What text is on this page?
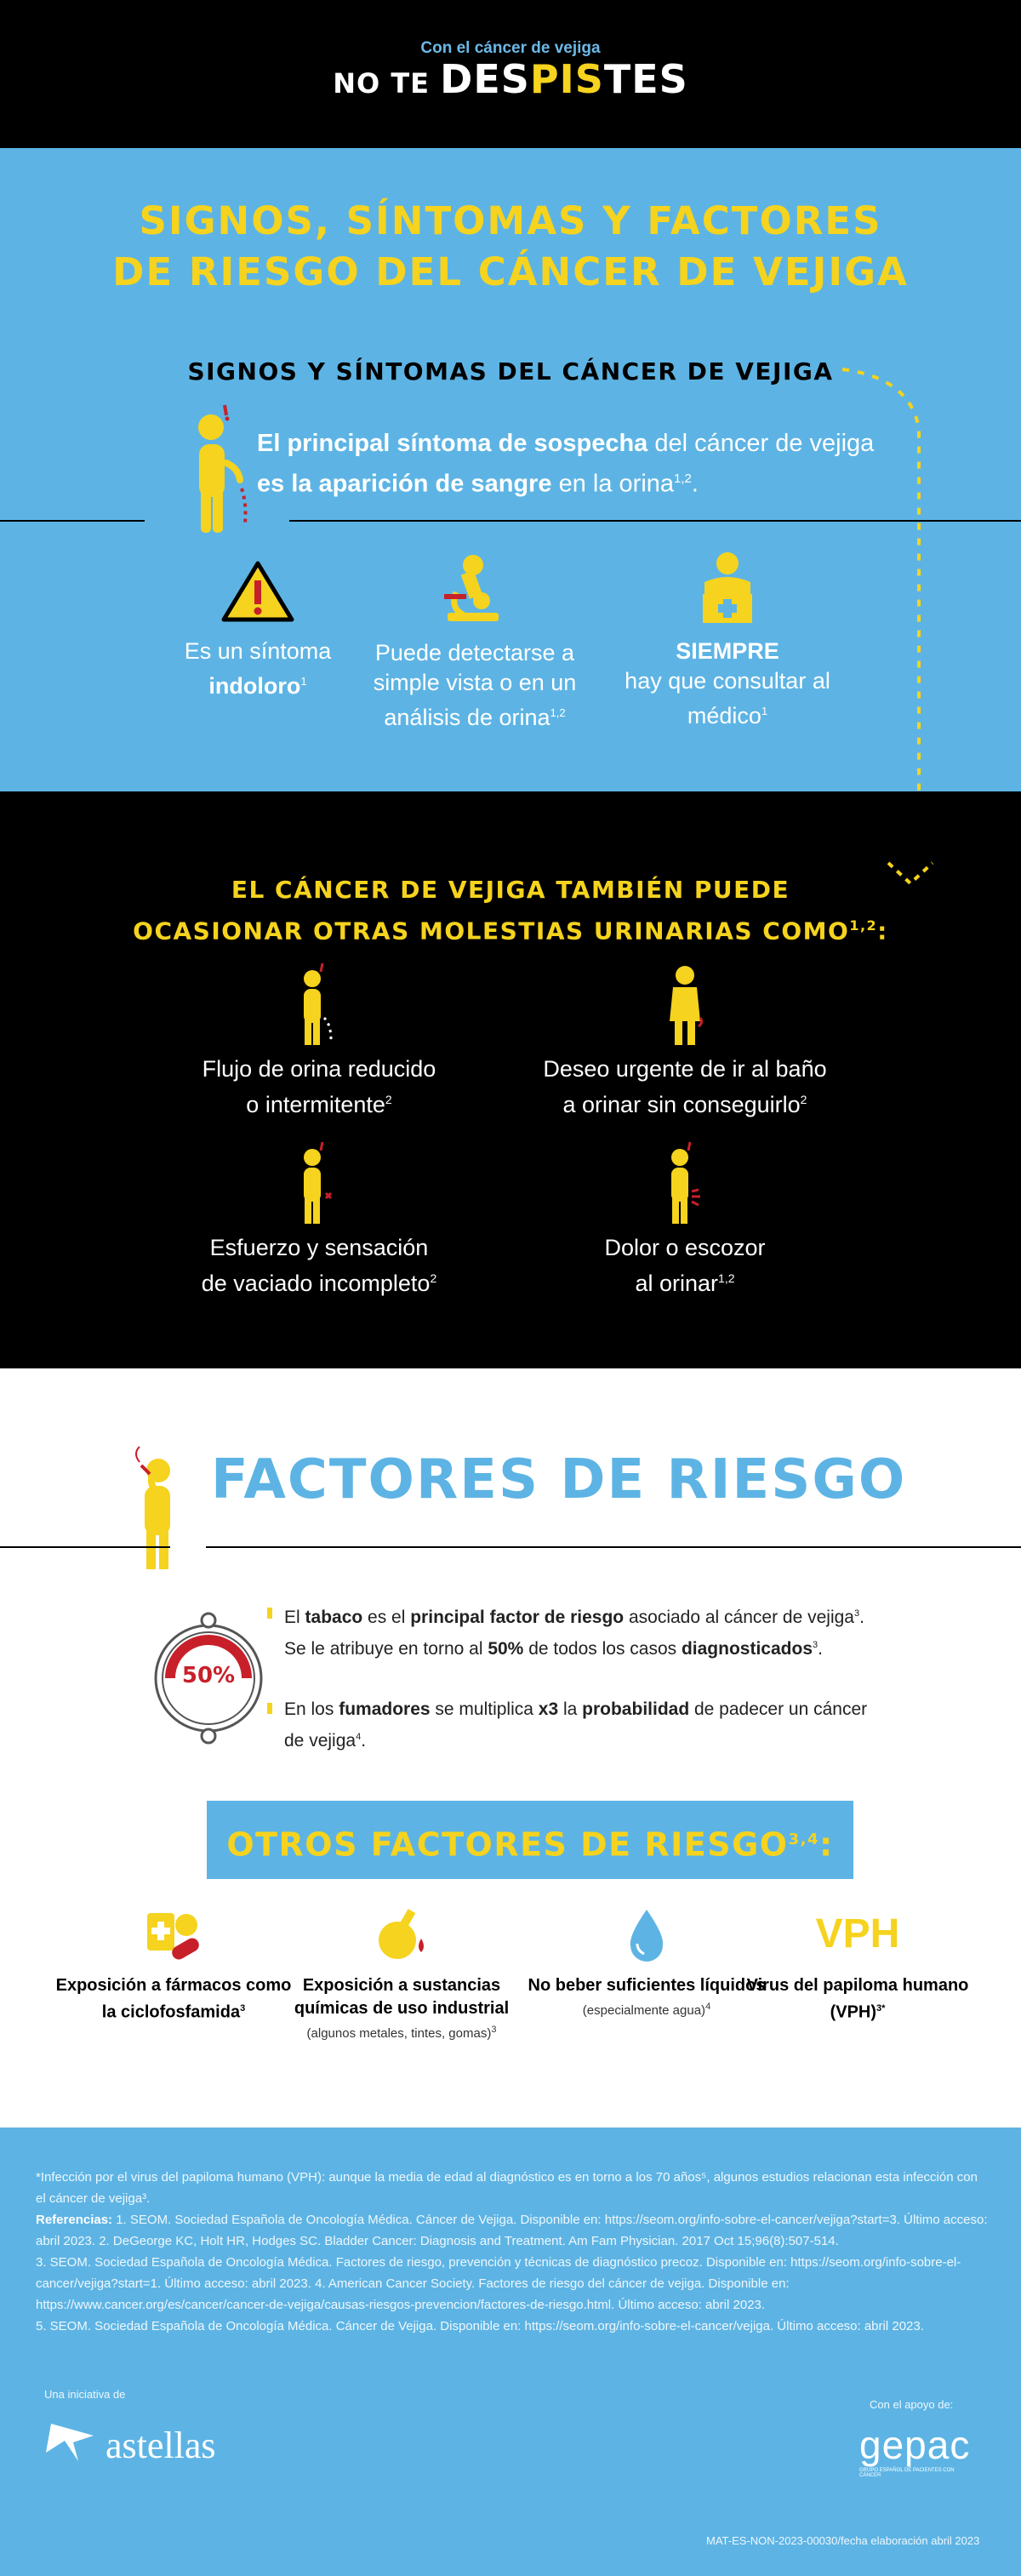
Con el cáncer de vejiga
NO TE DESPISTES
SIGNOS, SÍNTOMAS Y FACTORES
DE RIESGO DEL CÁNCER DE VEJIGA
SIGNOS Y SÍNTOMAS DEL CÁNCER DE VEJIGA
El principal síntoma de sospecha del cáncer de vejiga es la aparición de sangre en la orina$^{1,2}$.
Es un síntoma
indoloro$^1$
Puede detectarse a simple vista o en un análisis de orina$^{1,2}$
SIEMPRE
hay que consultar al médico$^1$
EL CÁNCER DE VEJIGA TAMBIÉN PUEDE
OCASIONAR OTRAS MOLESTIAS URINARIAS COMO$^{1,2}$:
Flujo de orina reducido
o intermitente$^2$
Deseo urgente de ir al baño
a orinar sin conseguirlo$^2$
Esfuerzo y sensación
de vaciado incompleto$^2$
Dolor o escozor
al orinar$^{1,2}$
FACTORES DE RIESGO
50%
El tabaco es el principal factor de riesgo asociado al cáncer de vejiga$^3$.
Se le atribuye en torno al 50% de todos los casos diagnosticados$^3$.
En los fumadores se multiplica x3 la probabilidad de padecer un cáncer de vejiga$^4$.
OTROS FACTORES DE RIESGO$^{3,4}$:
Exposición a fármacos como la ciclofosfamida$^3$
Exposición a sustancias químicas de uso industrial
(algunos metales, tintes, gomas)$^3$
No beber suficientes líquidos
(especialmente agua)$^4$
VPH
Virus del papiloma humano (VPH)$^{3*}$
*Infección por el virus del papiloma humano (VPH): aunque la media de edad al diagnóstico es en torno a los 70 años⁵, algunos estudios relacionan esta infección con el cáncer de vejiga³.
Referencias: 1. SEOM. Sociedad Española de Oncología Médica. Cáncer de Vejiga. Disponible en: https://seom.org/info-sobre-el-cancer/vejiga?start=3. Último acceso: abril 2023. 2. DeGeorge KC, Holt HR, Hodges SC. Bladder Cancer: Diagnosis and Treatment. Am Fam Physician. 2017 Oct 15;96(8):507-514.
3. SEOM. Sociedad Española de Oncología Médica. Factores de riesgo, prevención y técnicas de diagnóstico precoz. Disponible en: https://seom.org/info-sobre-el-cancer/vejiga?start=1. Último acceso: abril 2023. 4. American Cancer Society. Factores de riesgo del cáncer de vejiga. Disponible en: https://www.cancer.org/es/cancer/cancer-de-vejiga/causas-riesgos-prevencion/factores-de-riesgo.html. Último acceso: abril 2023.
5. SEOM. Sociedad Española de Oncología Médica. Cáncer de Vejiga. Disponible en: https://seom.org/info-sobre-el-cancer/vejiga. Último acceso: abril 2023.
Una iniciativa de
Con el apoyo de:
MAT-ES-NON-2023-00030/fecha elaboración abril 2023
astellas	gepac
GRUPO ESPAÑOL DE PACIENTES CON CÁNCER
